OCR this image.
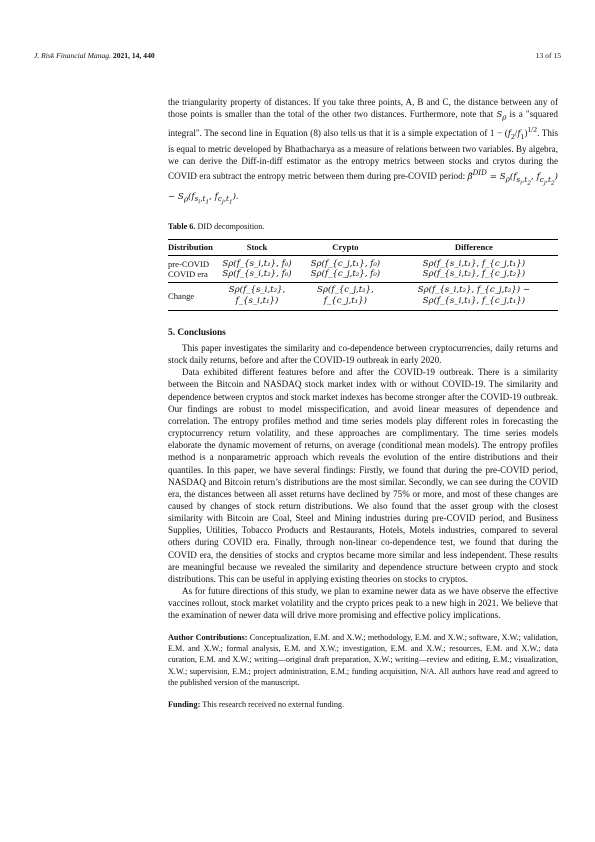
J. Risk Financial Manag. 2021, 14, 440	13 of 15

the triangularity property of distances. If you take three points, A, B and C, the distance between any of those points is smaller than the total of the other two distances. Furthermore, note that $S_\rho$ is a "squared integral". The second line in Equation (8) also tells us that it is a simple expectation of $1 - (f_2/f_1)^{1/2}$. This is equal to metric developed by Bhathacharya as a measure of relations between two variables. By algebra, we can derive the Diff-in-diff estimator as the entropy metrics between stocks and crytos during the COVID era subtract the entropy metric between them during pre-COVID period: β̂$^{DID}$ = $S_\rho(f_{s_i,t_2}$, $f_{c_j,t_2}) - S_\rho(f_{s_i,t_1}$, $f_{c_j,t_1}$).

Table 6. DID decomposition.
Distribution	Stock	Crypto	Difference
pre-COVID	Sρ(f_{s_i,t₁}, f₀)	Sρ(f_{c_j,t₁}, f₀)	Sρ(f_{s_i,t₁}, f_{c_j,t₁})
COVID era	Sρ(f_{s_i,t₂}, f₀)	Sρ(f_{c_j,t₂}, f₀)	Sρ(f_{s_i,t₂}, f_{c_j,t₂})
Change	Sρ(f_{s_i,t₂}, f_{s_i,t₁})	Sρ(f_{c_j,t₂}, f_{c_j,t₁})	Sρ(f_{s_i,t₂}, f_{c_j,t₂}) − Sρ(f_{s_i,t₁}, f_{c_j,t₁})
5. Conclusions

This paper investigates the similarity and co-dependence between cryptocurrencies, daily returns and stock daily returns, before and after the COVID-19 outbreak in early 2020.

Data exhibited different features before and after the COVID-19 outbreak. There is a similarity between the Bitcoin and NASDAQ stock market index with or without COVID-19. The similarity and dependence between cryptos and stock market indexes has become stronger after the COVID-19 outbreak. Our findings are robust to model misspecification, and avoid linear measures of dependence and correlation. The entropy profiles method and time series models play different roles in forecasting the cryptocurrency return volatility, and these approaches are complimentary. The time series models elaborate the dynamic movement of returns, on average (conditional mean models). The entropy profiles method is a nonparametric approach which reveals the evolution of the entire distributions and their quantiles. In this paper, we have several findings: Firstly, we found that during the pre-COVID period, NASDAQ and Bitcoin return’s distributions are the most similar. Secondly, we can see during the COVID era, the distances between all asset returns have declined by 75% or more, and most of these changes are caused by changes of stock return distributions. We also found that the asset group with the closest similarity with Bitcoin are Coal, Steel and Mining industries during pre-COVID period, and Business Supplies, Utilities, Tobacco Products and Restaurants, Hotels, Motels industries, compared to several others during COVID era. Finally, through non-linear co-dependence test, we found that during the COVID era, the densities of stocks and cryptos became more similar and less independent. These results are meaningful because we revealed the similarity and dependence structure between crypto and stock distributions. This can be useful in applying existing theories on stocks to cryptos.

As for future directions of this study, we plan to examine newer data as we have observe the effective vaccines rollout, stock market volatility and the crypto prices peak to a new high in 2021. We believe that the examination of newer data will drive more promising and effective policy implications.

Author Contributions: Conceptualization, E.M. and X.W.; methodology, E.M. and X.W.; software, X.W.; validation, E.M. and X.W.; formal analysis, E.M. and X.W.; investigation, E.M. and X.W.; resources, E.M. and X.W.; data curation, E.M. and X.W.; writing—original draft preparation, X.W.; writing—review and editing, E.M.; visualization, X.W.; supervision, E.M.; project administration, E.M.; funding acquisition, N/A. All authors have read and agreed to the published version of the manuscript.

Funding: This research received no external funding.
